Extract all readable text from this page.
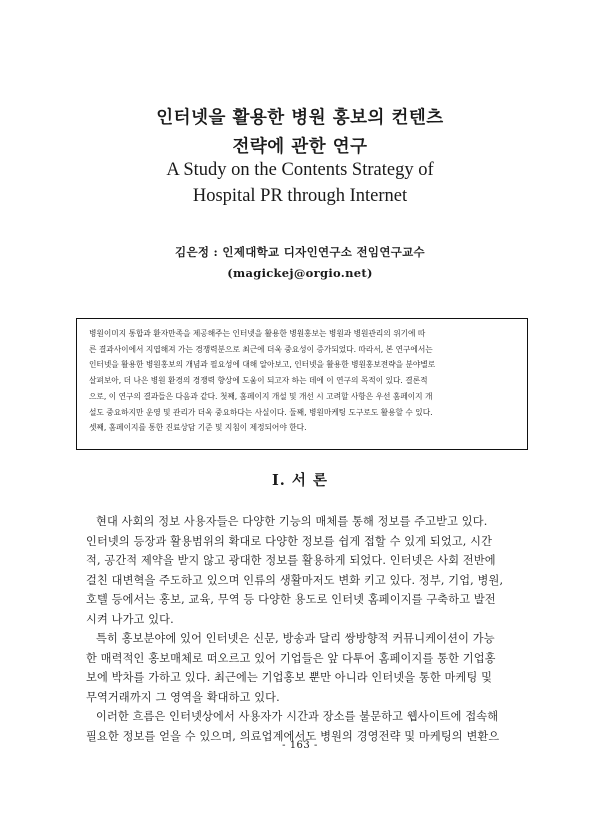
인터넷을 활용한 병원 홍보의 컨텐츠
전략에 관한 연구
A Study on the Contents Strategy of
Hospital PR through Internet
김은정 : 인제대학교 디자인연구소 전임연구교수
(magickej@orgio.net)
병원이미지 통합과 환자만족을 제공해주는 인터넷을 활용한 병원홍보는 병원과 병원관리의 위기에 따
른 결과사이에서 지엽해져 가는 경쟁력분으로 최근에 더욱 중요성이 증가되었다. 따라서, 본 연구에서는
인터넷을 활용한 병원홍보의 개념과 필요성에 대해 알아보고, 인터넷을 활용한 병원홍보전략을 분야별로
살펴보아, 더 나은 병원 환경의 경쟁력 향상에 도움이 되고자 하는 데에 이 연구의 목적이 있다. 결론적
으로, 이 연구의 결과들은 다음과 같다. 첫째, 홈페이지 개설 및 개선 시 고려할 사항은 우선 홈페이지 개
설도 중요하지만 운영 및 관리가 더욱 중요하다는 사실이다. 둘째, 병원마케팅 도구로도 활용할 수 있다.
셋째, 홈페이지를 통한 진료상담 기준 및 지침이 제정되어야 한다.
I. 서 론
현대 사회의 정보 사용자들은 다양한 기능의 매체를 통해 정보를 주고받고 있다.
인터넷의 등장과 활용범위의 확대로 다양한 정보를 쉽게 접할 수 있게 되었고, 시간
적, 공간적 제약을 받지 않고 광대한 정보를 활용하게 되었다. 인터넷은 사회 전반에
걸친 대변혁을 주도하고 있으며 인류의 생활마저도 변화 키고 있다. 정부, 기업, 병원,
호텔 등에서는 홍보, 교육, 무역 등 다양한 용도로 인터넷 홈페이지를 구축하고 발전
시켜 나가고 있다.
특히 홍보분야에 있어 인터넷은 신문, 방송과 달리 쌍방향적 커뮤니케이션이 가능
한 매력적인 홍보매체로 떠오르고 있어 기업들은 앞 다투어 홈페이지를 통한 기업홍
보에 박차를 가하고 있다. 최근에는 기업홍보 뿐만 아니라 인터넷을 통한 마케팅 및
무역거래까지 그 영역을 확대하고 있다.
이러한 흐름은 인터넷상에서 사용자가 시간과 장소를 불문하고 웹사이트에 접속해
필요한 정보를 얻을 수 있으며, 의료업계에서도 병원의 경영전략 및 마케팅의 변환으
- 163 -
